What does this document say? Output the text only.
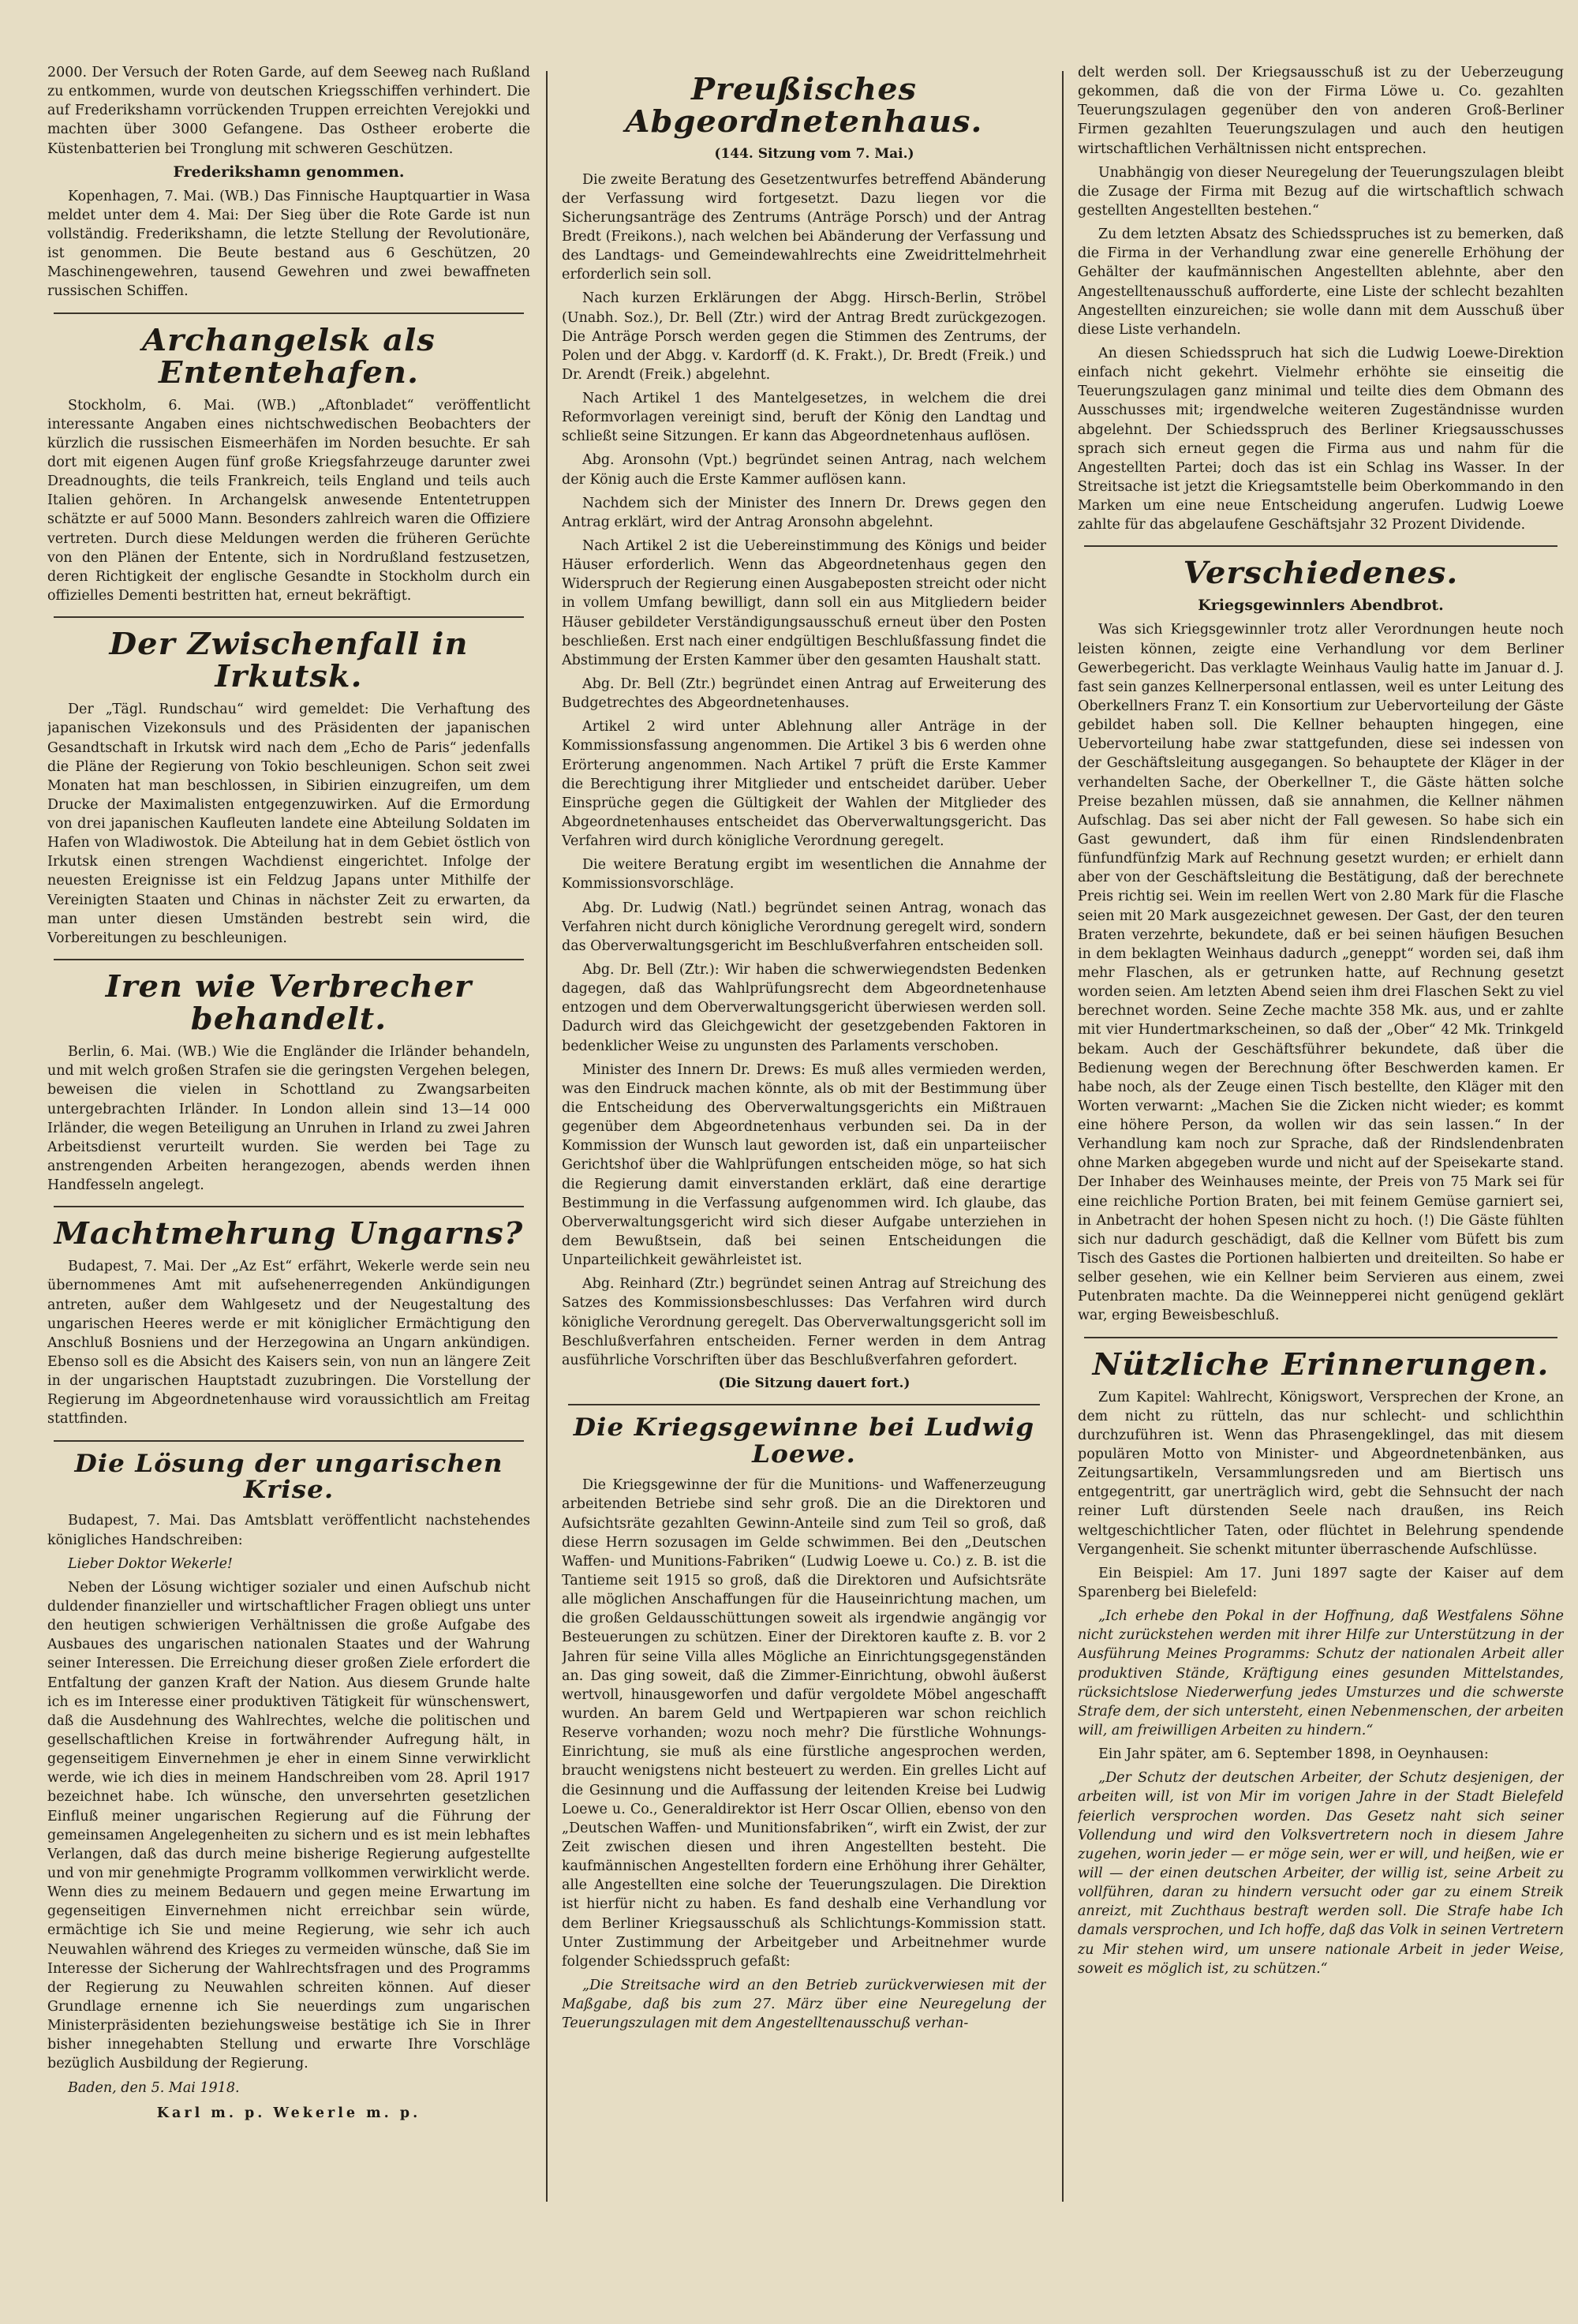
2000. Der Versuch der Roten Garde, auf dem Seeweg nach Rußland zu entkommen, wurde von deutschen Kriegsschiffen verhindert. Die auf Frederikshamn vorrückenden Truppen erreichten Verejokki und machten über 3000 Gefangene. Das Ostheer eroberte die Küstenbatterien bei Tronglung mit schweren Geschützen.

Frederikshamn genommen.

Kopenhagen, 7. Mai. (WB.) Das Finnische Hauptquartier in Wasa meldet unter dem 4. Mai: Der Sieg über die Rote Garde ist nun vollständig. Frederikshamn, die letzte Stellung der Revolutionäre, ist genommen. Die Beute bestand aus 6 Geschützen, 20 Maschinengewehren, tausend Gewehren und zwei bewaffneten russischen Schiffen.

Archangelsk als Ententehafen.

Stockholm, 6. Mai. (WB.) „Aftonbladet“ veröffentlicht interessante Angaben eines nichtschwedischen Beobachters der kürzlich die russischen Eismeerhäfen im Norden besuchte. Er sah dort mit eigenen Augen fünf große Kriegsfahrzeuge darunter zwei Dreadnoughts, die teils Frankreich, teils England und teils auch Italien gehören. In Archangelsk anwesende Ententetruppen schätzte er auf 5000 Mann. Besonders zahlreich waren die Offiziere vertreten. Durch diese Meldungen werden die früheren Gerüchte von den Plänen der Entente, sich in Nordrußland festzusetzen, deren Richtigkeit der englische Gesandte in Stockholm durch ein offizielles Dementi bestritten hat, erneut bekräftigt.

Der Zwischenfall in Irkutsk.

Der „Tägl. Rundschau“ wird gemeldet: Die Verhaftung des japanischen Vizekonsuls und des Präsidenten der japanischen Gesandtschaft in Irkutsk wird nach dem „Echo de Paris“ jedenfalls die Pläne der Regierung von Tokio beschleunigen. Schon seit zwei Monaten hat man beschlossen, in Sibirien einzugreifen, um dem Drucke der Maximalisten entgegenzuwirken. Auf die Ermordung von drei japanischen Kaufleuten landete eine Abteilung Soldaten im Hafen von Wladiwostok. Die Abteilung hat in dem Gebiet östlich von Irkutsk einen strengen Wachdienst eingerichtet. Infolge der neuesten Ereignisse ist ein Feldzug Japans unter Mithilfe der Vereinigten Staaten und Chinas in nächster Zeit zu erwarten, da man unter diesen Umständen bestrebt sein wird, die Vorbereitungen zu beschleunigen.

Iren wie Verbrecher behandelt.

Berlin, 6. Mai. (WB.) Wie die Engländer die Irländer behandeln, und mit welch großen Strafen sie die geringsten Vergehen belegen, beweisen die vielen in Schottland zu Zwangsarbeiten untergebrachten Irländer. In London allein sind 13—14 000 Irländer, die wegen Beteiligung an Unruhen in Irland zu zwei Jahren Arbeitsdienst verurteilt wurden. Sie werden bei Tage zu anstrengenden Arbeiten herangezogen, abends werden ihnen Handfesseln angelegt.

Machtmehrung Ungarns?

Budapest, 7. Mai. Der „Az Est“ erfährt, Wekerle werde sein neu übernommenes Amt mit aufsehenerregenden Ankündigungen antreten, außer dem Wahlgesetz und der Neugestaltung des ungarischen Heeres werde er mit königlicher Ermächtigung den Anschluß Bosniens und der Herzegowina an Ungarn ankündigen. Ebenso soll es die Absicht des Kaisers sein, von nun an längere Zeit in der ungarischen Hauptstadt zuzubringen. Die Vorstellung der Regierung im Abgeordnetenhause wird voraussichtlich am Freitag stattfinden.

Die Lösung der ungarischen Krise.

Budapest, 7. Mai. Das Amtsblatt veröffentlicht nachstehendes königliches Handschreiben:

Lieber Doktor Wekerle!

Neben der Lösung wichtiger sozialer und einen Aufschub nicht duldender finanzieller und wirtschaftlicher Fragen obliegt uns unter den heutigen schwierigen Verhältnissen die große Aufgabe des Ausbaues des ungarischen nationalen Staates und der Wahrung seiner Interessen. Die Erreichung dieser großen Ziele erfordert die Entfaltung der ganzen Kraft der Nation. Aus diesem Grunde halte ich es im Interesse einer produktiven Tätigkeit für wünschenswert, daß die Ausdehnung des Wahlrechtes, welche die politischen und gesellschaftlichen Kreise in fortwährender Aufregung hält, in gegenseitigem Einvernehmen je eher in einem Sinne verwirklicht werde, wie ich dies in meinem Handschreiben vom 28. April 1917 bezeichnet habe. Ich wünsche, den unversehrten gesetzlichen Einfluß meiner ungarischen Regierung auf die Führung der gemeinsamen Angelegenheiten zu sichern und es ist mein lebhaftes Verlangen, daß das durch meine bisherige Regierung aufgestellte und von mir genehmigte Programm vollkommen verwirklicht werde. Wenn dies zu meinem Bedauern und gegen meine Erwartung im gegenseitigen Einvernehmen nicht erreichbar sein würde, ermächtige ich Sie und meine Regierung, wie sehr ich auch Neuwahlen während des Krieges zu vermeiden wünsche, daß Sie im Interesse der Sicherung der Wahlrechtsfragen und des Programms der Regierung zu Neuwahlen schreiten können. Auf dieser Grundlage ernenne ich Sie neuerdings zum ungarischen Ministerpräsidenten beziehungsweise bestätige ich Sie in Ihrer bisher innegehabten Stellung und erwarte Ihre Vorschläge bezüglich Ausbildung der Regierung.

Baden, den 5. Mai 1918.

Karl m. p. Wekerle m. p.

Preußisches Abgeordnetenhaus.

(144. Sitzung vom 7. Mai.)

Die zweite Beratung des Gesetzentwurfes betreffend Abänderung der Verfassung wird fortgesetzt. Dazu liegen vor die Sicherungsanträge des Zentrums (Anträge Porsch) und der Antrag Bredt (Freikons.), nach welchen bei Abänderung der Verfassung und des Landtags- und Gemeindewahlrechts eine Zweidrittelmehrheit erforderlich sein soll.

Nach kurzen Erklärungen der Abgg. Hirsch-Berlin, Ströbel (Unabh. Soz.), Dr. Bell (Ztr.) wird der Antrag Bredt zurückgezogen. Die Anträge Porsch werden gegen die Stimmen des Zentrums, der Polen und der Abgg. v. Kardorff (d. K. Frakt.), Dr. Bredt (Freik.) und Dr. Arendt (Freik.) abgelehnt.

Nach Artikel 1 des Mantelgesetzes, in welchem die drei Reformvorlagen vereinigt sind, beruft der König den Landtag und schließt seine Sitzungen. Er kann das Abgeordnetenhaus auflösen.

Abg. Aronsohn (Vpt.) begründet seinen Antrag, nach welchem der König auch die Erste Kammer auflösen kann.

Nachdem sich der Minister des Innern Dr. Drews gegen den Antrag erklärt, wird der Antrag Aronsohn abgelehnt.

Nach Artikel 2 ist die Uebereinstimmung des Königs und beider Häuser erforderlich. Wenn das Abgeordnetenhaus gegen den Widerspruch der Regierung einen Ausgabeposten streicht oder nicht in vollem Umfang bewilligt, dann soll ein aus Mitgliedern beider Häuser gebildeter Verständigungsausschuß erneut über den Posten beschließen. Erst nach einer endgültigen Beschlußfassung findet die Abstimmung der Ersten Kammer über den gesamten Haushalt statt.

Abg. Dr. Bell (Ztr.) begründet einen Antrag auf Erweiterung des Budgetrechtes des Abgeordnetenhauses.

Artikel 2 wird unter Ablehnung aller Anträge in der Kommissionsfassung angenommen. Die Artikel 3 bis 6 werden ohne Erörterung angenommen. Nach Artikel 7 prüft die Erste Kammer die Berechtigung ihrer Mitglieder und entscheidet darüber. Ueber Einsprüche gegen die Gültigkeit der Wahlen der Mitglieder des Abgeordnetenhauses entscheidet das Oberverwaltungsgericht. Das Verfahren wird durch königliche Verordnung geregelt.

Die weitere Beratung ergibt im wesentlichen die Annahme der Kommissionsvorschläge.

Abg. Dr. Ludwig (Natl.) begründet seinen Antrag, wonach das Verfahren nicht durch königliche Verordnung geregelt wird, sondern das Oberverwaltungsgericht im Beschlußverfahren entscheiden soll.

Abg. Dr. Bell (Ztr.): Wir haben die schwerwiegendsten Bedenken dagegen, daß das Wahlprüfungsrecht dem Abgeordnetenhause entzogen und dem Oberverwaltungsgericht überwiesen werden soll. Dadurch wird das Gleichgewicht der gesetzgebenden Faktoren in bedenklicher Weise zu ungunsten des Parlaments verschoben.

Minister des Innern Dr. Drews: Es muß alles vermieden werden, was den Eindruck machen könnte, als ob mit der Bestimmung über die Entscheidung des Oberverwaltungsgerichts ein Mißtrauen gegenüber dem Abgeordnetenhaus verbunden sei. Da in der Kommission der Wunsch laut geworden ist, daß ein unparteiischer Gerichtshof über die Wahlprüfungen entscheiden möge, so hat sich die Regierung damit einverstanden erklärt, daß eine derartige Bestimmung in die Verfassung aufgenommen wird. Ich glaube, das Oberverwaltungsgericht wird sich dieser Aufgabe unterziehen in dem Bewußtsein, daß bei seinen Entscheidungen die Unparteilichkeit gewährleistet ist.

Abg. Reinhard (Ztr.) begründet seinen Antrag auf Streichung des Satzes des Kommissionsbeschlusses: Das Verfahren wird durch königliche Verordnung geregelt. Das Oberverwaltungsgericht soll im Beschlußverfahren entscheiden. Ferner werden in dem Antrag ausführliche Vorschriften über das Beschlußverfahren gefordert.

(Die Sitzung dauert fort.)

Die Kriegsgewinne bei Ludwig Loewe.

Die Kriegsgewinne der für die Munitions- und Waffenerzeugung arbeitenden Betriebe sind sehr groß. Die an die Direktoren und Aufsichtsräte gezahlten Gewinn-Anteile sind zum Teil so groß, daß diese Herrn sozusagen im Gelde schwimmen. Bei den „Deutschen Waffen- und Munitions-Fabriken“ (Ludwig Loewe u. Co.) z. B. ist die Tantieme seit 1915 so groß, daß die Direktoren und Aufsichtsräte alle möglichen Anschaffungen für die Hauseinrichtung machen, um die großen Geldausschüttungen soweit als irgendwie angängig vor Besteuerungen zu schützen. Einer der Direktoren kaufte z. B. vor 2 Jahren für seine Villa alles Mögliche an Einrichtungsgegenständen an. Das ging soweit, daß die Zimmer-Einrichtung, obwohl äußerst wertvoll, hinausgeworfen und dafür vergoldete Möbel angeschafft wurden. An barem Geld und Wertpapieren war schon reichlich Reserve vorhanden; wozu noch mehr? Die fürstliche Wohnungs-Einrichtung, sie muß als eine fürstliche angesprochen werden, braucht wenigstens nicht besteuert zu werden. Ein grelles Licht auf die Gesinnung und die Auffassung der leitenden Kreise bei Ludwig Loewe u. Co., Generaldirektor ist Herr Oscar Ollien, ebenso von den „Deutschen Waffen- und Munitionsfabriken“, wirft ein Zwist, der zur Zeit zwischen diesen und ihren Angestellten besteht. Die kaufmännischen Angestellten fordern eine Erhöhung ihrer Gehälter, alle Angestellten eine solche der Teuerungszulagen. Die Direktion ist hierfür nicht zu haben. Es fand deshalb eine Verhandlung vor dem Berliner Kriegsausschuß als Schlichtungs-Kommission statt. Unter Zustimmung der Arbeitgeber und Arbeitnehmer wurde folgender Schiedsspruch gefaßt:

„Die Streitsache wird an den Betrieb zurückverwiesen mit der Maßgabe, daß bis zum 27. März über eine Neuregelung der Teuerungszulagen mit dem Angestelltenausschuß verhan-

delt werden soll. Der Kriegsausschuß ist zu der Ueberzeugung gekommen, daß die von der Firma Löwe u. Co. gezahlten Teuerungszulagen gegenüber den von anderen Groß-Berliner Firmen gezahlten Teuerungszulagen und auch den heutigen wirtschaftlichen Verhältnissen nicht entsprechen.

Unabhängig von dieser Neuregelung der Teuerungszulagen bleibt die Zusage der Firma mit Bezug auf die wirtschaftlich schwach gestellten Angestellten bestehen.“

Zu dem letzten Absatz des Schiedsspruches ist zu bemerken, daß die Firma in der Verhandlung zwar eine generelle Erhöhung der Gehälter der kaufmännischen Angestellten ablehnte, aber den Angestelltenausschuß aufforderte, eine Liste der schlecht bezahlten Angestellten einzureichen; sie wolle dann mit dem Ausschuß über diese Liste verhandeln.

An diesen Schiedsspruch hat sich die Ludwig Loewe-Direktion einfach nicht gekehrt. Vielmehr erhöhte sie einseitig die Teuerungszulagen ganz minimal und teilte dies dem Obmann des Ausschusses mit; irgendwelche weiteren Zugeständnisse wurden abgelehnt. Der Schiedsspruch des Berliner Kriegsausschusses sprach sich erneut gegen die Firma aus und nahm für die Angestellten Partei; doch das ist ein Schlag ins Wasser. In der Streitsache ist jetzt die Kriegsamtstelle beim Oberkommando in den Marken um eine neue Entscheidung angerufen. Ludwig Loewe zahlte für das abgelaufene Geschäftsjahr 32 Prozent Dividende.

Verschiedenes.
Kriegsgewinnlers Abendbrot.

Was sich Kriegsgewinnler trotz aller Verordnungen heute noch leisten können, zeigte eine Verhandlung vor dem Berliner Gewerbegericht. Das verklagte Weinhaus Vaulig hatte im Januar d. J. fast sein ganzes Kellnerpersonal entlassen, weil es unter Leitung des Oberkellners Franz T. ein Konsortium zur Uebervorteilung der Gäste gebildet haben soll. Die Kellner behaupten hingegen, eine Uebervorteilung habe zwar stattgefunden, diese sei indessen von der Geschäftsleitung ausgegangen. So behauptete der Kläger in der verhandelten Sache, der Oberkellner T., die Gäste hätten solche Preise bezahlen müssen, daß sie annahmen, die Kellner nähmen Aufschlag. Das sei aber nicht der Fall gewesen. So habe sich ein Gast gewundert, daß ihm für einen Rindslendenbraten fünfundfünfzig Mark auf Rechnung gesetzt wurden; er erhielt dann aber von der Geschäftsleitung die Bestätigung, daß der berechnete Preis richtig sei. Wein im reellen Wert von 2.80 Mark für die Flasche seien mit 20 Mark ausgezeichnet gewesen. Der Gast, der den teuren Braten verzehrte, bekundete, daß er bei seinen häufigen Besuchen in dem beklagten Weinhaus dadurch „geneppt“ worden sei, daß ihm mehr Flaschen, als er getrunken hatte, auf Rechnung gesetzt worden seien. Am letzten Abend seien ihm drei Flaschen Sekt zu viel berechnet worden. Seine Zeche machte 358 Mk. aus, und er zahlte mit vier Hundertmarkscheinen, so daß der „Ober“ 42 Mk. Trinkgeld bekam. Auch der Geschäftsführer bekundete, daß über die Bedienung wegen der Berechnung öfter Beschwerden kamen. Er habe noch, als der Zeuge einen Tisch bestellte, den Kläger mit den Worten verwarnt: „Machen Sie die Zicken nicht wieder; es kommt eine höhere Person, da wollen wir das sein lassen.“ In der Verhandlung kam noch zur Sprache, daß der Rindslendenbraten ohne Marken abgegeben wurde und nicht auf der Speisekarte stand. Der Inhaber des Weinhauses meinte, der Preis von 75 Mark sei für eine reichliche Portion Braten, bei mit feinem Gemüse garniert sei, in Anbetracht der hohen Spesen nicht zu hoch. (!) Die Gäste fühlten sich nur dadurch geschädigt, daß die Kellner vom Büfett bis zum Tisch des Gastes die Portionen halbierten und dreiteilten. So habe er selber gesehen, wie ein Kellner beim Servieren aus einem, zwei Putenbraten machte. Da die Weinnepperei nicht genügend geklärt war, erging Beweisbeschluß.

Nützliche Erinnerungen.

Zum Kapitel: Wahlrecht, Königswort, Versprechen der Krone, an dem nicht zu rütteln, das nur schlecht- und schlichthin durchzuführen ist. Wenn das Phrasengeklingel, das mit diesem populären Motto von Minister- und Abgeordnetenbänken, aus Zeitungsartikeln, Versammlungsreden und am Biertisch uns entgegentritt, gar unerträglich wird, gebt die Sehnsucht der nach reiner Luft dürstenden Seele nach draußen, ins Reich weltgeschichtlicher Taten, oder flüchtet in Belehrung spendende Vergangenheit. Sie schenkt mitunter überraschende Aufschlüsse.

Ein Beispiel: Am 17. Juni 1897 sagte der Kaiser auf dem Sparenberg bei Bielefeld:

„Ich erhebe den Pokal in der Hoffnung, daß Westfalens Söhne nicht zurückstehen werden mit ihrer Hilfe zur Unterstützung in der Ausführung Meines Programms: Schutz der nationalen Arbeit aller produktiven Stände, Kräftigung eines gesunden Mittelstandes, rücksichtslose Niederwerfung jedes Umsturzes und die schwerste Strafe dem, der sich untersteht, einen Nebenmenschen, der arbeiten will, am freiwilligen Arbeiten zu hindern.“

Ein Jahr später, am 6. September 1898, in Oeynhausen:

„Der Schutz der deutschen Arbeiter, der Schutz desjenigen, der arbeiten will, ist von Mir im vorigen Jahre in der Stadt Bielefeld feierlich versprochen worden. Das Gesetz naht sich seiner Vollendung und wird den Volksvertretern noch in diesem Jahre zugehen, worin jeder — er möge sein, wer er will, und heißen, wie er will — der einen deutschen Arbeiter, der willig ist, seine Arbeit zu vollführen, daran zu hindern versucht oder gar zu einem Streik anreizt, mit Zuchthaus bestraft werden soll. Die Strafe habe Ich damals versprochen, und Ich hoffe, daß das Volk in seinen Vertretern zu Mir stehen wird, um unsere nationale Arbeit in jeder Weise, soweit es möglich ist, zu schützen.“
